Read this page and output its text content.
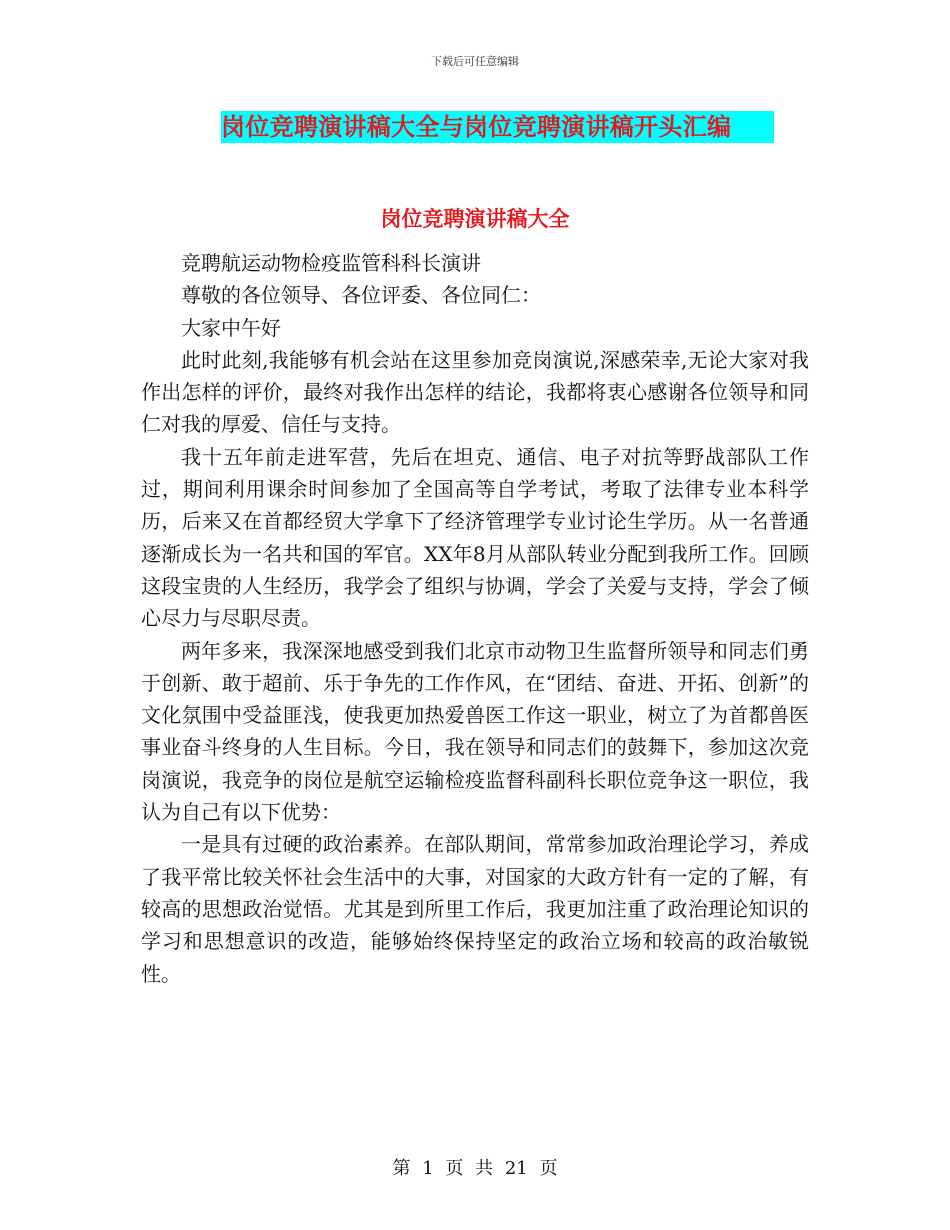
下载后可任意编辑
岗位竞聘演讲稿大全与岗位竞聘演讲稿开头汇编
岗位竞聘演讲稿大全

竞聘航运动物检疫监管科科长演讲

尊敬的各位领导、各位评委、各位同仁：

大家中午好

此时此刻,我能够有机会站在这里参加竞岗演说,深感荣幸,无论大家对我作出怎样的评价，最终对我作出怎样的结论，我都将衷心感谢各位领导和同仁对我的厚爱、信任与支持。

我十五年前走进军营，先后在坦克、通信、电子对抗等野战部队工作过，期间利用课余时间参加了全国高等自学考试，考取了法律专业本科学历，后来又在首都经贸大学拿下了经济管理学专业讨论生学历。从一名普通逐渐成长为一名共和国的军官。XX年8月从部队转业分配到我所工作。回顾这段宝贵的人生经历，我学会了组织与协调，学会了关爱与支持，学会了倾心尽力与尽职尽责。

两年多来，我深深地感受到我们北京市动物卫生监督所领导和同志们勇于创新、敢于超前、乐于争先的工作作风，在“团结、奋进、开拓、创新”的文化氛围中受益匪浅，使我更加热爱兽医工作这一职业，树立了为首都兽医事业奋斗终身的人生目标。今日，我在领导和同志们的鼓舞下，参加这次竞岗演说，我竞争的岗位是航空运输检疫监督科副科长职位竞争这一职位，我认为自己有以下优势：

一是具有过硬的政治素养。在部队期间，常常参加政治理论学习，养成了我平常比较关怀社会生活中的大事，对国家的大政方针有一定的了解，有较高的思想政治觉悟。尤其是到所里工作后，我更加注重了政治理论知识的学习和思想意识的改造，能够始终保持坚定的政治立场和较高的政治敏锐性。

第 1 页 共 21 页
